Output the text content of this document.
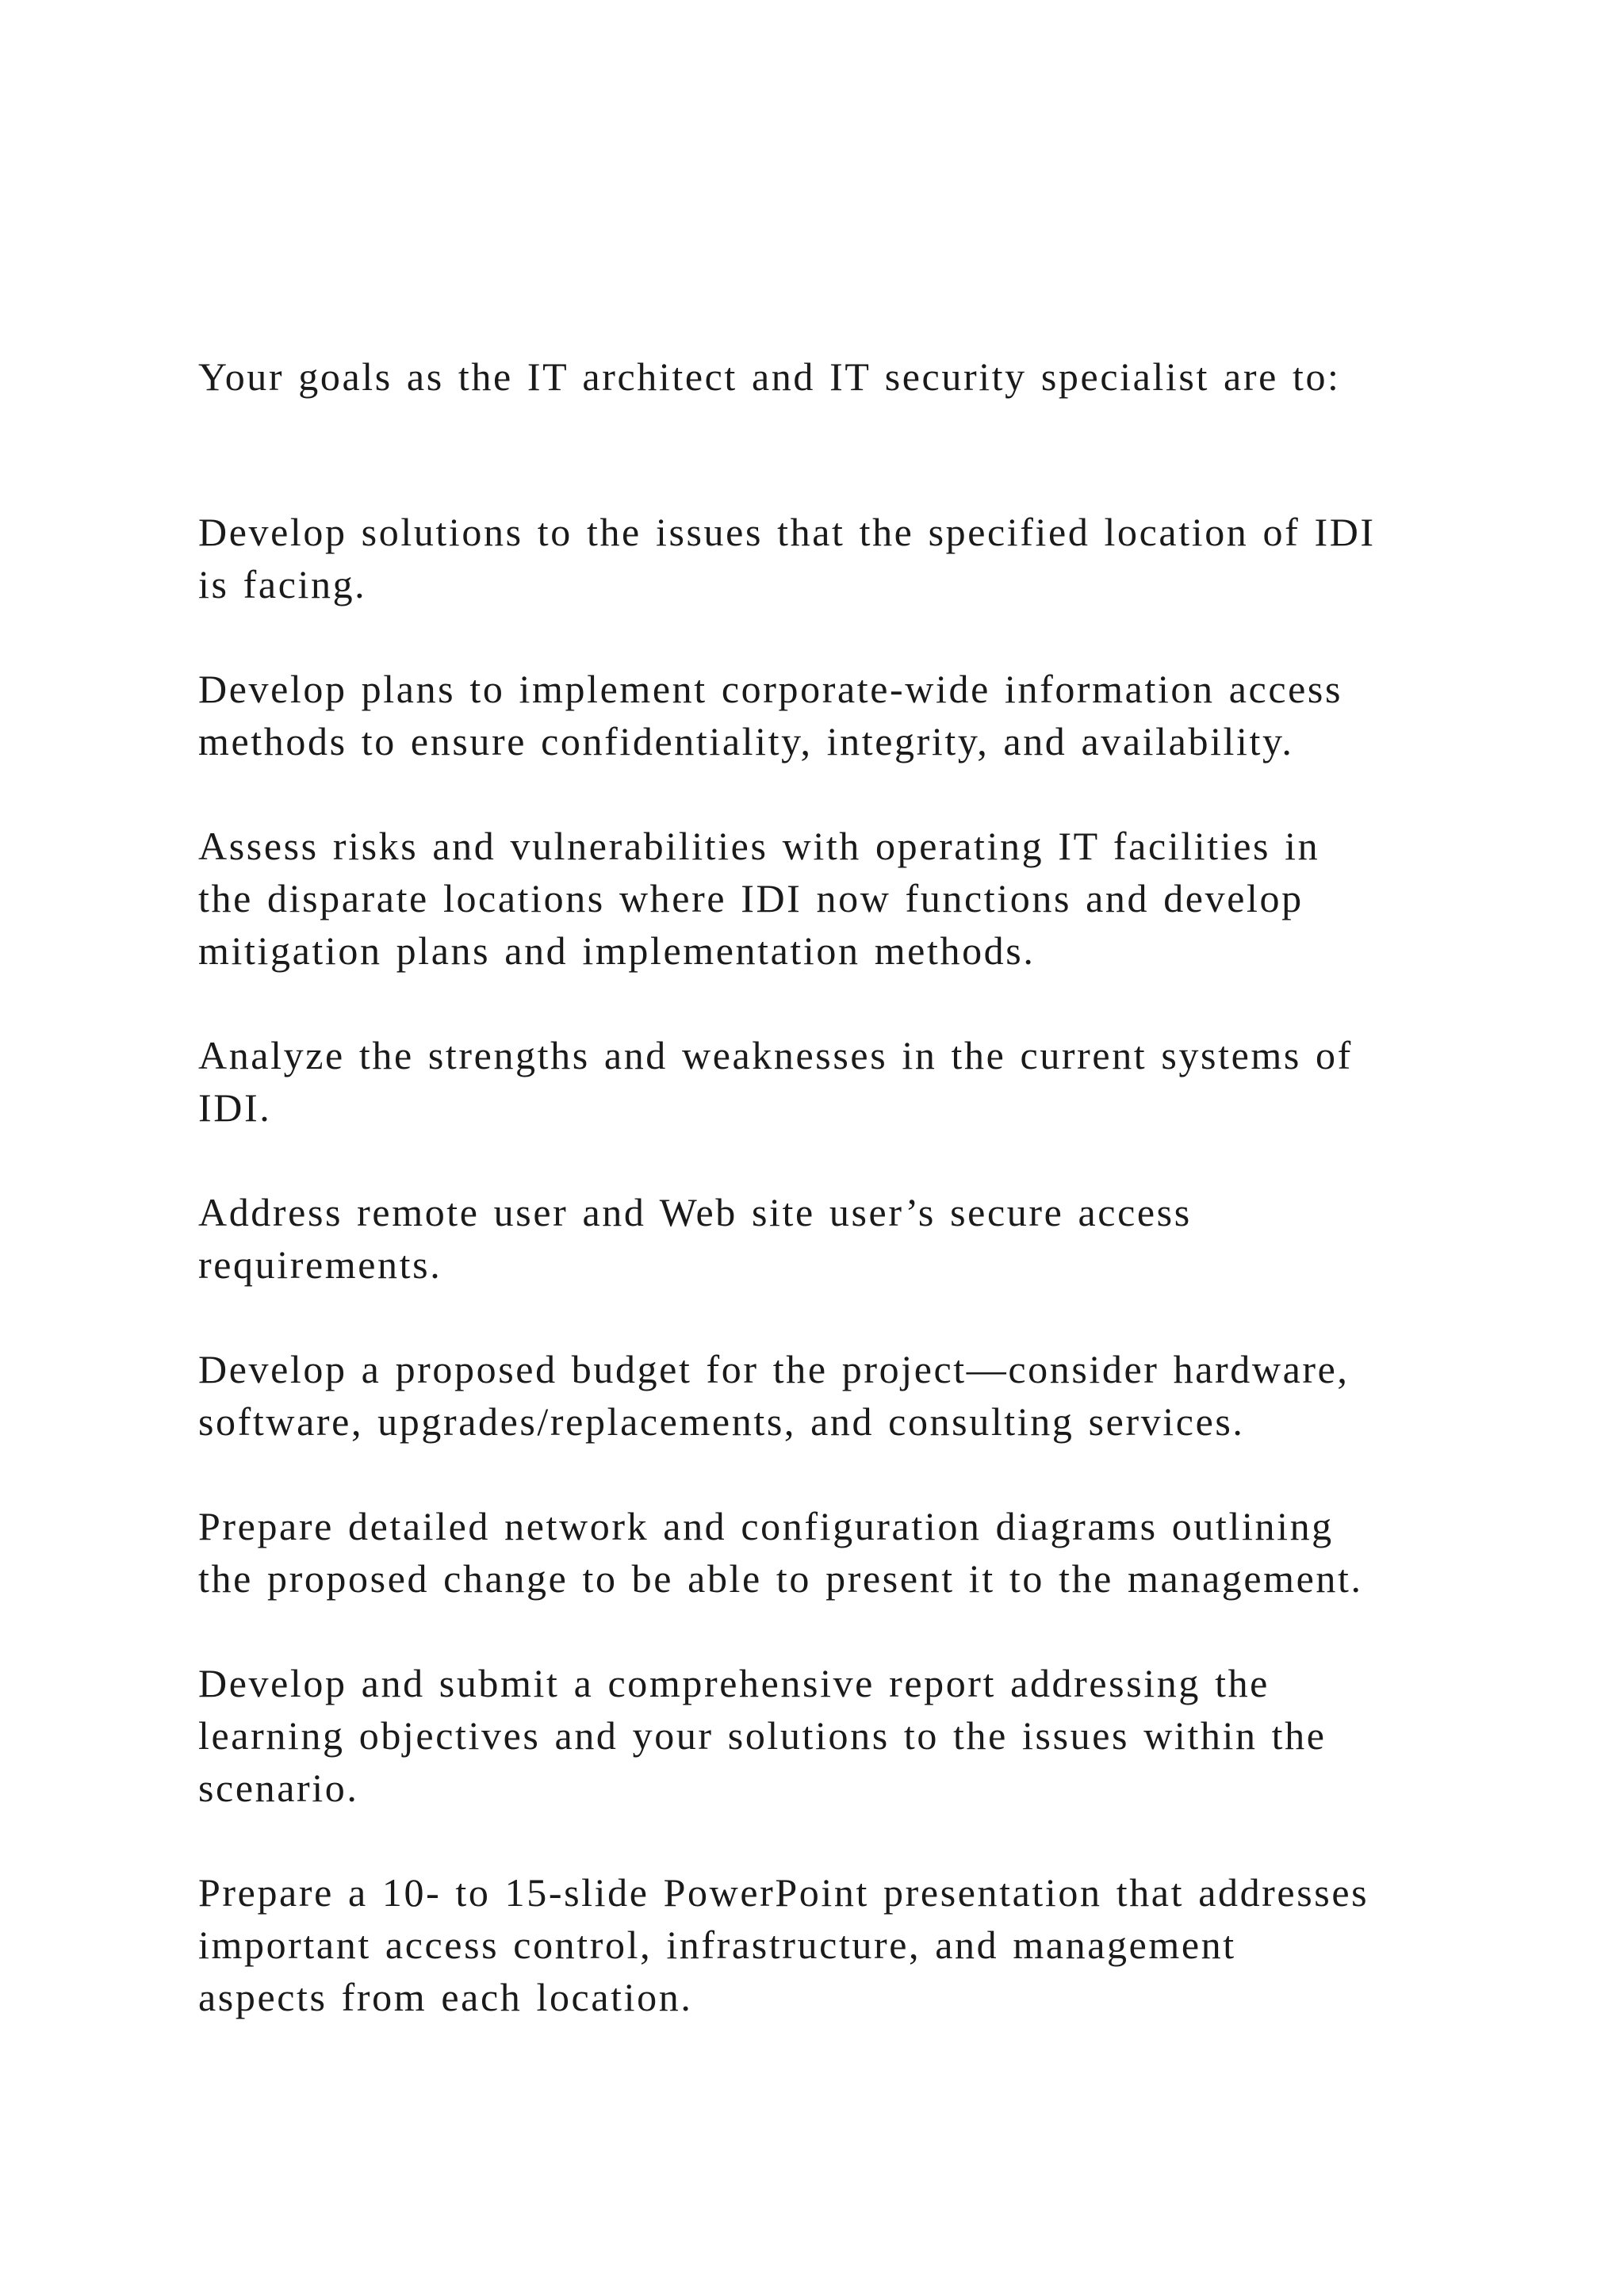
Your goals as the IT architect and IT security specialist are to:

Develop solutions to the issues that the specified location of IDI
is facing.
Develop plans to implement corporate-wide information access
methods to ensure confidentiality, integrity, and availability.
Assess risks and vulnerabilities with operating IT facilities in
the disparate locations where IDI now functions and develop
mitigation plans and implementation methods.
Analyze the strengths and weaknesses in the current systems of
IDI.
Address remote user and Web site user’s secure access
requirements.
Develop a proposed budget for the project—consider hardware,
software, upgrades/replacements, and consulting services.
Prepare detailed network and configuration diagrams outlining
the proposed change to be able to present it to the management.
Develop and submit a comprehensive report addressing the
learning objectives and your solutions to the issues within the
scenario.
Prepare a 10- to 15-slide PowerPoint presentation that addresses
important access control, infrastructure, and management
aspects from each location.
